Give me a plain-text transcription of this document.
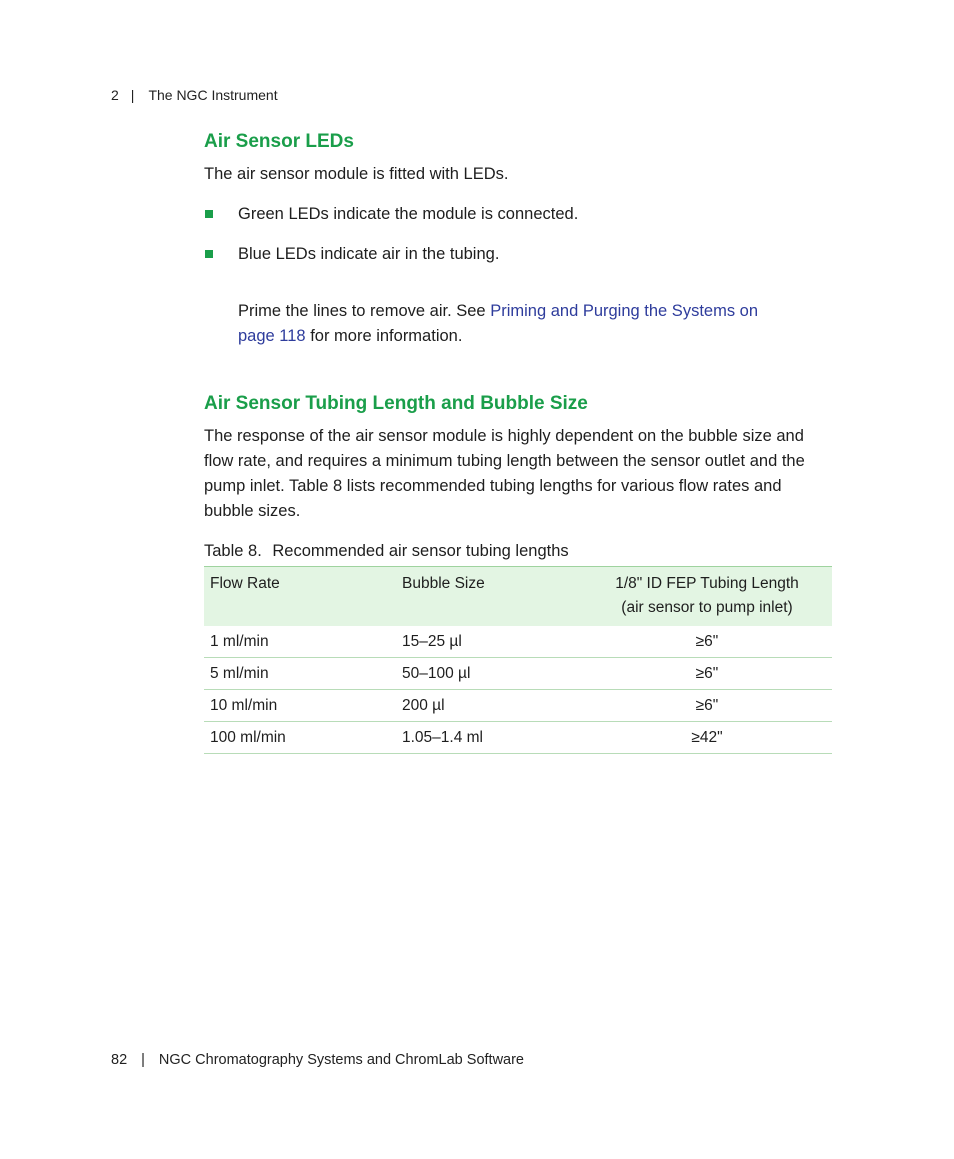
2 | The NGC Instrument
Air Sensor LEDs

The air sensor module is fitted with LEDs.

Green LEDs indicate the module is connected.
Blue LEDs indicate air in the tubing.

Prime the lines to remove air. See Priming and Purging the Systems on page 118 for more information.

Air Sensor Tubing Length and Bubble Size

The response of the air sensor module is highly dependent on the bubble size and flow rate, and requires a minimum tubing length between the sensor outlet and the pump inlet. Table 8 lists recommended tubing lengths for various flow rates and bubble sizes.

Table 8. Recommended air sensor tubing lengths
Flow Rate	Bubble Size	1/8" ID FEP Tubing Length
(air sensor to pump inlet)

1 ml/min	15–25 µl	≥6"
5 ml/min	50–100 µl	≥6"
10 ml/min	200 µl	≥6"
100 ml/min	1.05–1.4 ml	≥42"
82 | NGC Chromatography Systems and ChromLab Software
